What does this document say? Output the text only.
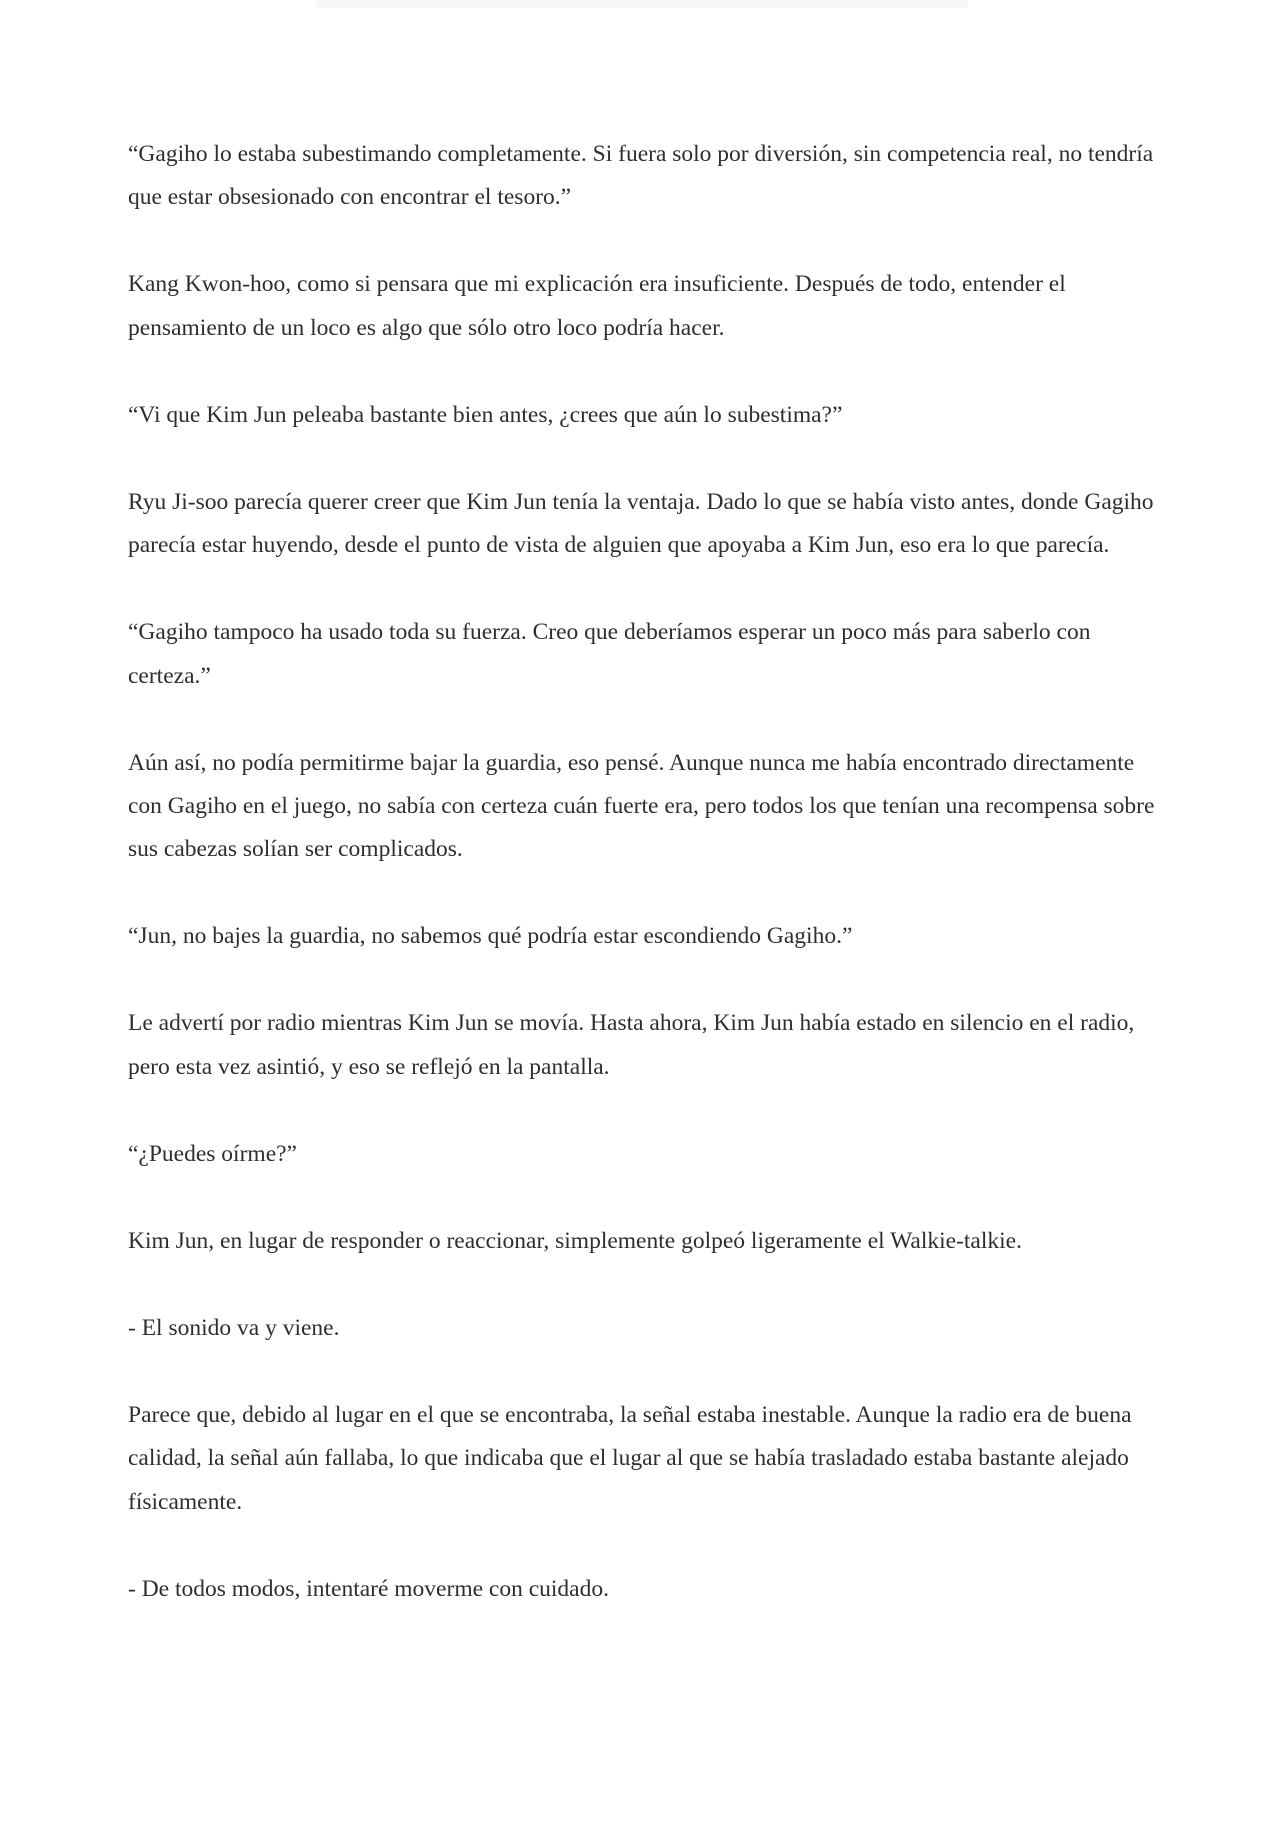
“Gagiho lo estaba subestimando completamente. Si fuera solo por diversión, sin competencia real, no tendría que estar obsesionado con encontrar el tesoro.”

Kang Kwon-hoo, como si pensara que mi explicación era insuficiente. Después de todo, entender el pensamiento de un loco es algo que sólo otro loco podría hacer.

“Vi que Kim Jun peleaba bastante bien antes, ¿crees que aún lo subestima?”

Ryu Ji-soo parecía querer creer que Kim Jun tenía la ventaja. Dado lo que se había visto antes, donde Gagiho parecía estar huyendo, desde el punto de vista de alguien que apoyaba a Kim Jun, eso era lo que parecía.

“Gagiho tampoco ha usado toda su fuerza. Creo que deberíamos esperar un poco más para saberlo con certeza.”

Aún así, no podía permitirme bajar la guardia, eso pensé. Aunque nunca me había encontrado directamente con Gagiho en el juego, no sabía con certeza cuán fuerte era, pero todos los que tenían una recompensa sobre sus cabezas solían ser complicados.

“Jun, no bajes la guardia, no sabemos qué podría estar escondiendo Gagiho.”

Le advertí por radio mientras Kim Jun se movía. Hasta ahora, Kim Jun había estado en silencio en el radio, pero esta vez asintió, y eso se reflejó en la pantalla.

“¿Puedes oírme?”

Kim Jun, en lugar de responder o reaccionar, simplemente golpeó ligeramente el Walkie-talkie.

- El sonido va y viene.

Parece que, debido al lugar en el que se encontraba, la señal estaba inestable. Aunque la radio era de buena calidad, la señal aún fallaba, lo que indicaba que el lugar al que se había trasladado estaba bastante alejado físicamente.

- De todos modos, intentaré moverme con cuidado.
